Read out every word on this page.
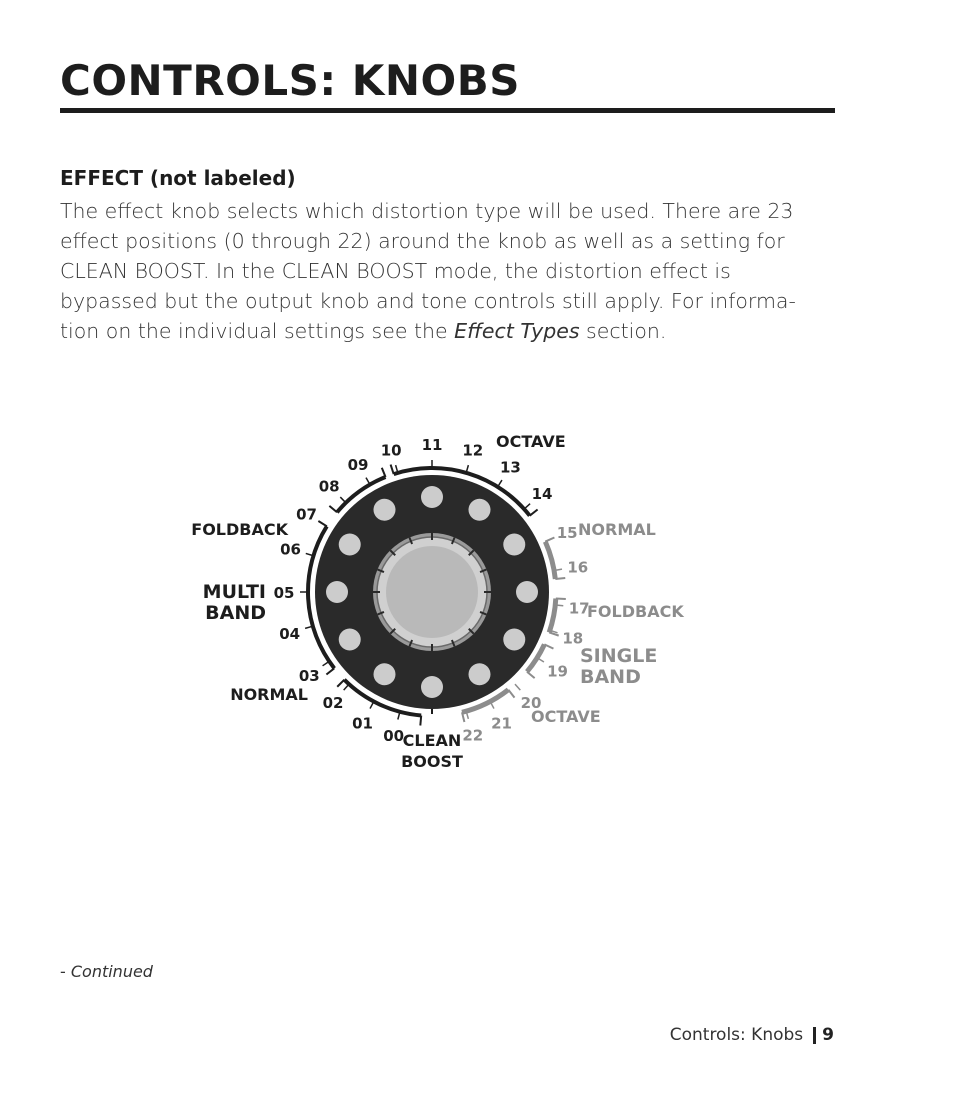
CONTROLS: KNOBS
EFFECT (not labeled)

The effect knob selects which distortion type will be used. There are 23
effect positions (0 through 22) around the knob as well as a setting for
CLEAN BOOST. In the CLEAN BOOST mode, the distortion effect is
bypassed but the output knob and tone controls still apply. For informa-
tion on the individual settings see the Effect Types section.

00
01
02
03
04
05
06
07
08
09
10 11 12
13
14
15
16
17
18
19
20
21
22
CLEAN
BOOST
NORMAL
MULTI
BAND
FOLDBACK
OCTAVE
NORMAL
FOLDBACK
SINGLE
BAND
OCTAVE
- Continued
Controls: Knobs 9
